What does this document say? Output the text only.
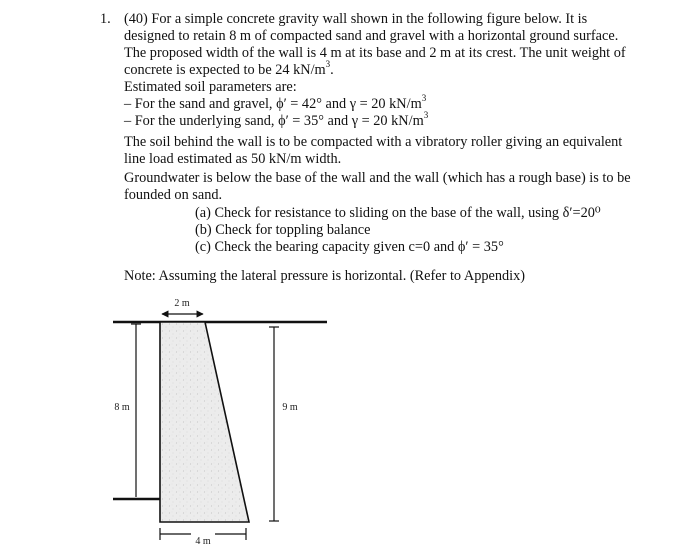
1. (40) For a simple concrete gravity wall shown in the following figure below. It is
designed to retain 8 m of compacted sand and gravel with a horizontal ground surface.
The proposed width of the wall is 4 m at its base and 2 m at its crest. The unit weight of
concrete is expected to be 24 $kN/m^3$.
Estimated soil parameters are:
– For the sand and gravel, ϕ′ = 42° and γ = 20 $kN/m^3$
– For the underlying sand, ϕ′ = 35° and γ = 20 $kN/m^3$
The soil behind the wall is to be compacted with a vibratory roller giving an equivalent
line load estimated as 50 kN/m width.
Groundwater is below the base of the wall and the wall (which has a rough base) is to be
founded on sand.
(a) Check for resistance to sliding on the base of the wall, using δ′=20⁰
(b) Check for toppling balance
(c) Check the bearing capacity given c=0 and ϕ′ = 35°
Note: Assuming the lateral pressure is horizontal. (Refer to Appendix)
2 m
8 m	9 m
4 m
